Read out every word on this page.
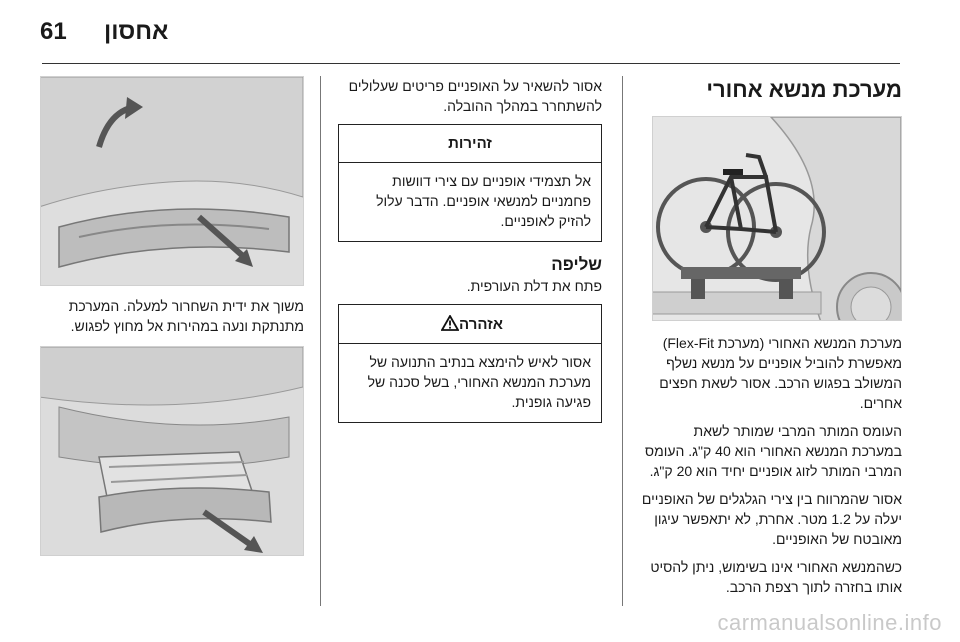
61 אחסון
מערכת מנשא אחורי

מערכת המנשא האחורי (מערכת Flex-Fit) מאפשרת להוביל אופניים על מנשא נשלף המשולב בפגוש הרכב. אסור לשאת חפצים אחרים.

העומס המותר המרבי שמותר לשאת במערכת המנשא האחורי הוא 40 ק"ג. העומס המרבי המותר לזוג אופניים יחיד הוא 20 ק"ג.

אסור שהמרווח בין צירי הגלגלים של האופניים יעלה על 1.2 מטר. אחרת, לא יתאפשר עיגון מאובטח של האופניים.

כשהמנשא האחורי אינו בשימוש, ניתן להסיט אותו בחזרה לתוך רצפת הרכב.

אסור להשאיר על האופניים פריטים שעלולים להשתחרר במהלך ההובלה.

זהירות
אל תצמידי אופניים עם צירי דוושות פחמניים למנשאי אופניים. הדבר עלול להזיק לאופניים.
שליפה

פתח את דלת העורפית.

אזהרה
אסור לאיש להימצא בנתיב התנועה של מערכת המנשא האחורי, בשל סכנה של פגיעה גופנית.

משוך את ידית השחרור למעלה. המערכת מתנתקת ונעה במהירות אל מחוץ לפגוש.

carmanualsonline.info
